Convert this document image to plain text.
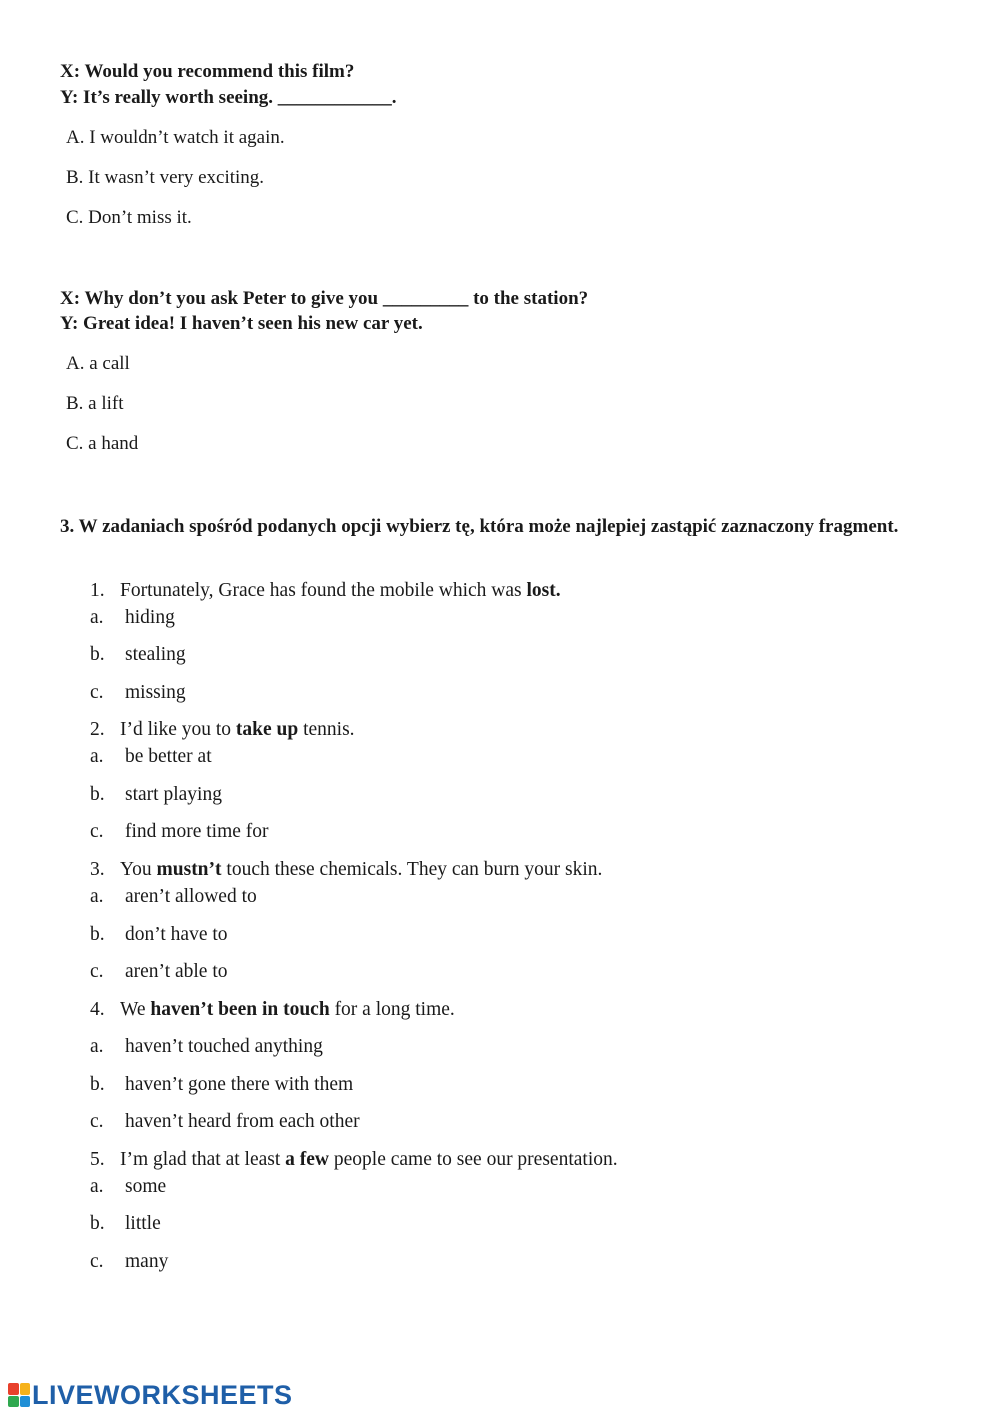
X: Would you recommend this film?
Y: It’s really worth seeing. ____________.
A. I wouldn’t watch it again.
B. It wasn’t very exciting.
C. Don’t miss it.
X: Why don’t you ask Peter to give you _________ to the station?
Y: Great idea! I haven’t seen his new car yet.
A. a call
B. a lift
C. a hand
3. W zadaniach spośród podanych opcji wybierz tę, która może najlepiej zastąpić zaznaczony fragment.
1. Fortunately, Grace has found the mobile which was lost.
a. hiding
b. stealing
c. missing
2. I’d like you to take up tennis.
a. be better at
b. start playing
c. find more time for
3. You mustn’t touch these chemicals. They can burn your skin.
a. aren’t allowed to
b. don’t have to
c. aren’t able to
4. We haven’t been in touch for a long time.
a. haven’t touched anything
b. haven’t gone there with them
c. haven’t heard from each other
5. I’m glad that at least a few people came to see our presentation.
a. some
b. little
c. many
LIVEWORKSHEETS
